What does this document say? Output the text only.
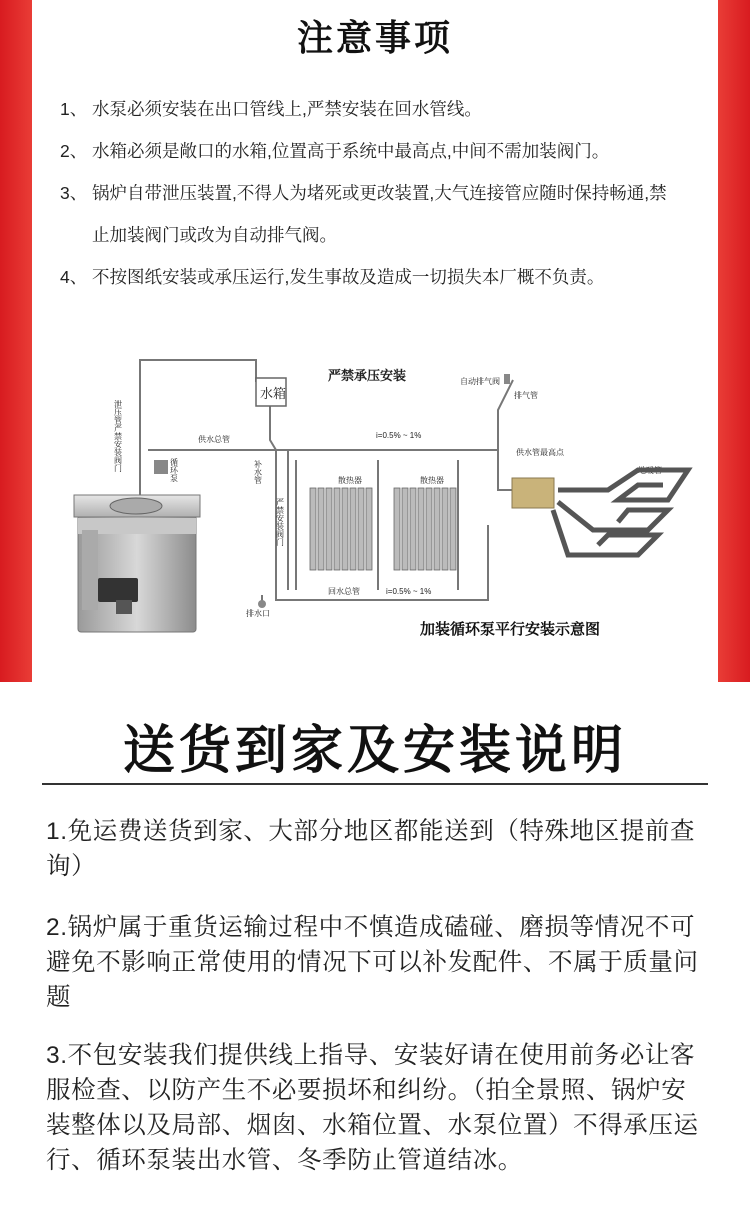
注意事项
1、 水泵必须安装在出口管线上,严禁安装在回水管线。
2、 水箱必须是敞口的水箱,位置高于系统中最高点,中间不需加装阀门。
3、 锅炉自带泄压装置,不得人为堵死或更改装置,大气连接管应随时保持畅通,禁止加装阀门或改为自动排气阀。
4、 不按图纸安装或承压运行,发生事故及造成一切损失本厂概不负责。
水箱
严禁承压安装	自动排气阀
排气管
泄压管严禁安装阀门	供水总管
循环泵	补水管
严禁安装阀门
i=0.5% ~ 1%
散热器	散热器
供水管最高点
地暖管
回水总管	i=0.5% ~ 1%
排水口
加装循环泵平行安装示意图
送货到家及安装说明
1.免运费送货到家、大部分地区都能送到（特殊地区提前查询）
2.锅炉属于重货运输过程中不慎造成磕碰、磨损等情况不可避免不影响正常使用的情况下可以补发配件、不属于质量问题
3.不包安装我们提供线上指导、安装好请在使用前务必让客服检查、以防产生不必要损坏和纠纷。（拍全景照、锅炉安装整体以及局部、烟囱、水箱位置、水泵位置）不得承压运行、循环泵装出水管、冬季防止管道结冰。
